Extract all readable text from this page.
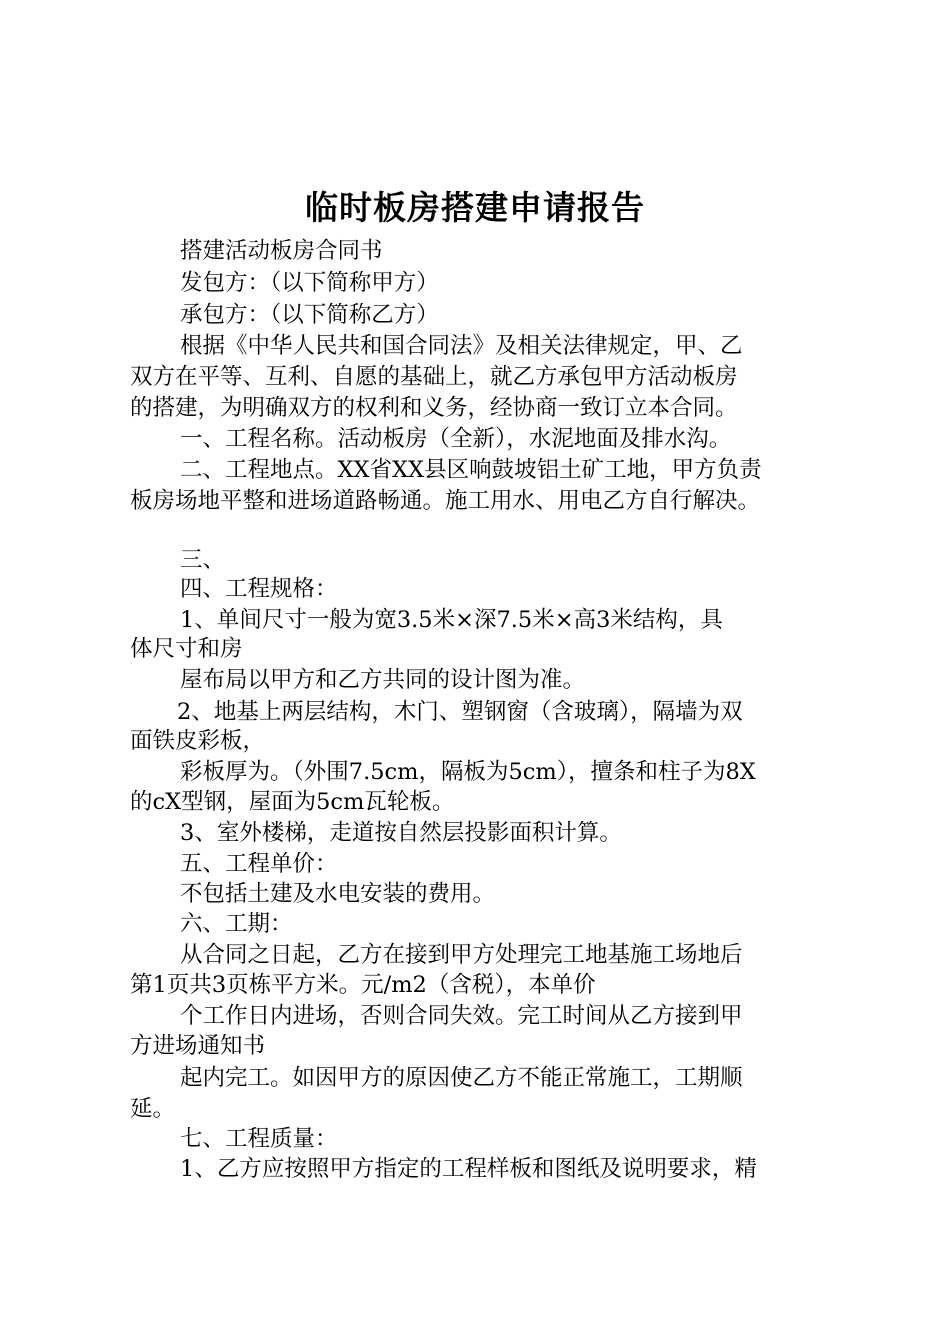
临时板房搭建申请报告
搭建活动板房合同书
发包方：（以下简称甲方）
承包方：（以下简称乙方）
根据《中华人民共和国合同法》及相关法律规定，甲、乙
双方在平等、互利、自愿的基础上，就乙方承包甲方活动板房
的搭建，为明确双方的权利和义务，经协商一致订立本合同。
一、工程名称。活动板房（全新），水泥地面及排水沟。
二、工程地点。XX省XX县区响鼓坡铝土矿工地，甲方负责
板房场地平整和进场道路畅通。施工用水、用电乙方自行解决。
三、
四、工程规格：
1、单间尺寸一般为宽3.5米×深7.5米×高3米结构，具
体尺寸和房
屋布局以甲方和乙方共同的设计图为准。
2、地基上两层结构，木门、塑钢窗（含玻璃），隔墙为双
面铁皮彩板，
彩板厚为。（外围7.5cm，隔板为5cm），擅条和柱子为8X
的cX型钢，屋面为5cm瓦轮板。
3、室外楼梯，走道按自然层投影面积计算。
五、工程单价：
不包括土建及水电安装的费用。
六、工期：
从合同之日起，乙方在接到甲方处理完工地基施工场地后
第1页共3页栋平方米。元/m2（含税），本单价
个工作日内进场，否则合同失效。完工时间从乙方接到甲
方进场通知书
起内完工。如因甲方的原因使乙方不能正常施工，工期顺
延。
七、工程质量：
1、乙方应按照甲方指定的工程样板和图纸及说明要求，精
